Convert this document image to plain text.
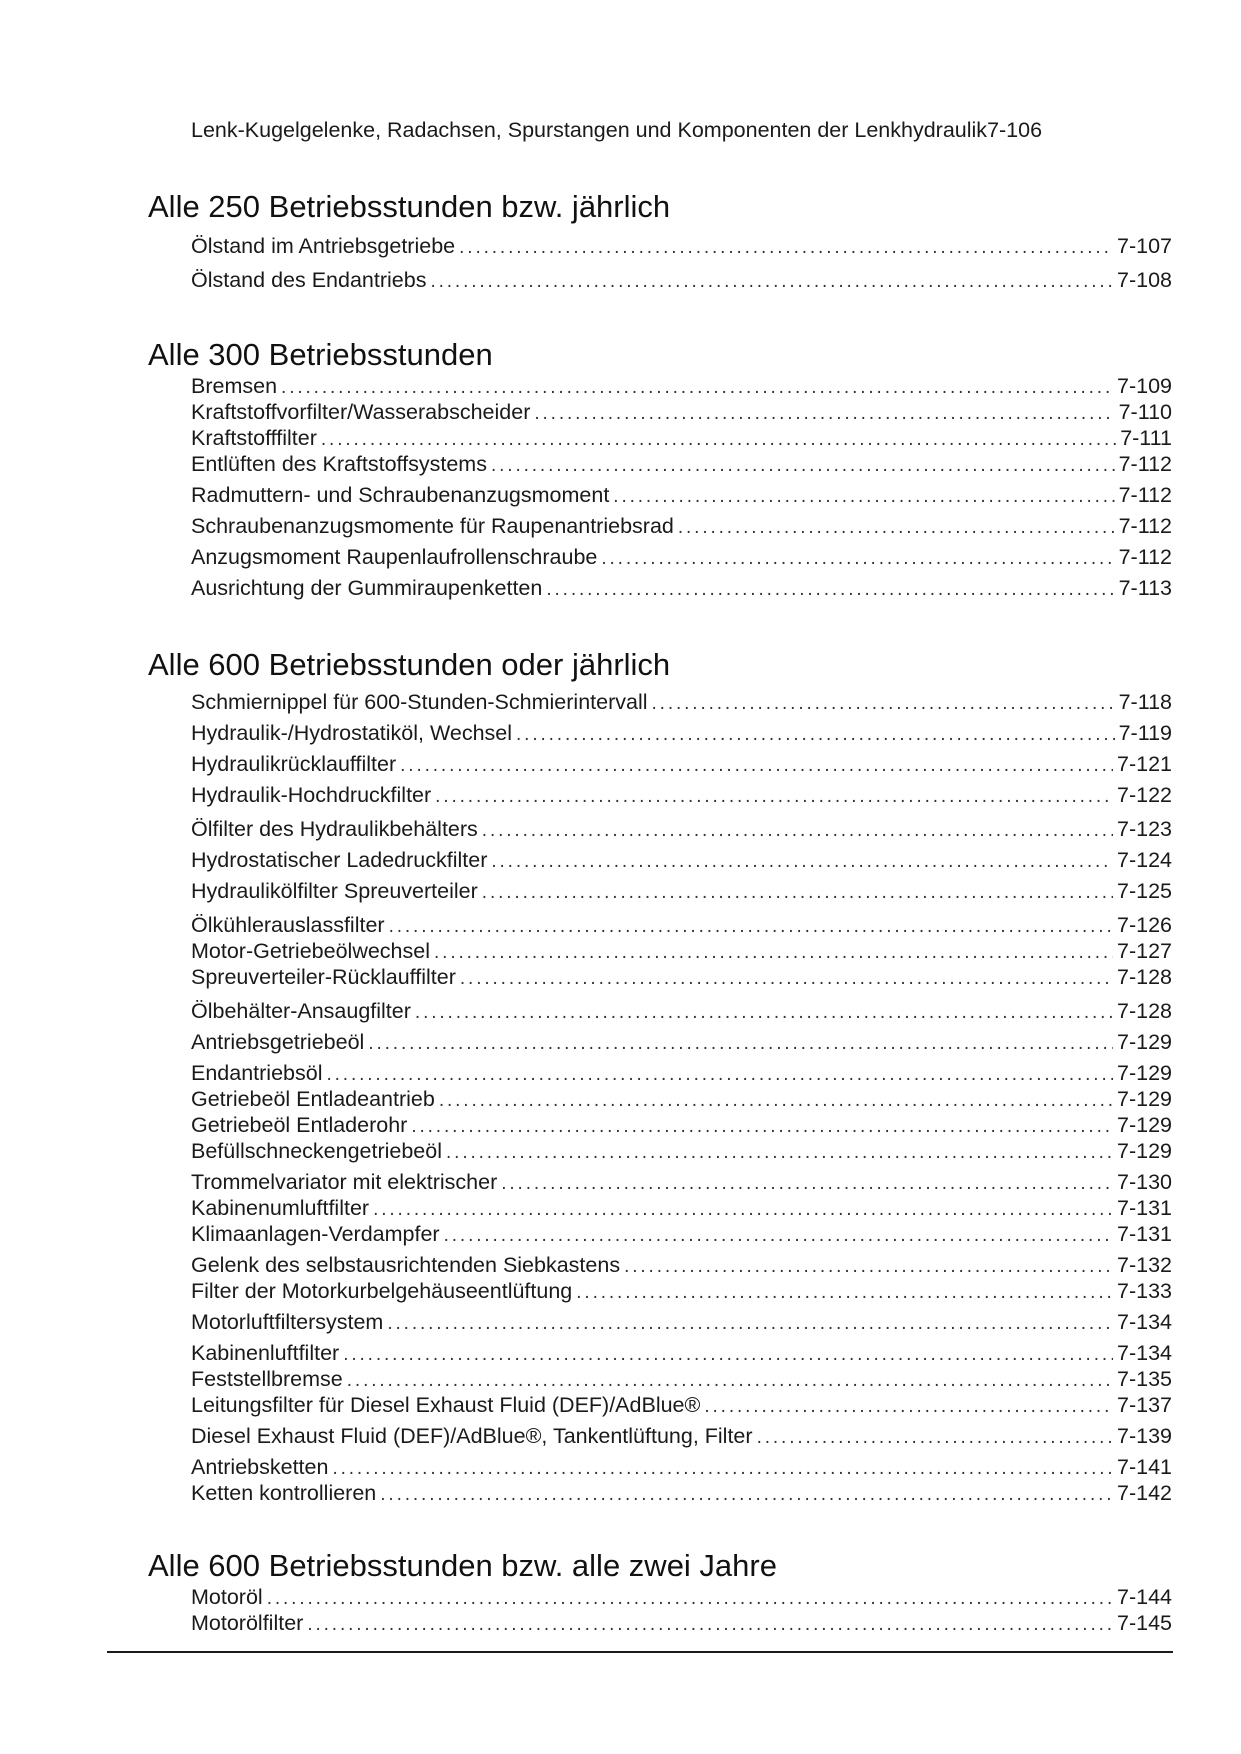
Lenk-Kugelgelenke, Radachsen, Spurstangen und Komponenten der Lenkhydraulik 7-106
Alle 250 Betriebsstunden bzw. jährlich
Ölstand im Antriebsgetriebe . . .	7-107
Ölstand des Endantriebs . . .	7-108
Alle 300 Betriebsstunden
Bremsen . . .	7-109
Kraftstoffvorfilter/Wasserabscheider . . .	7-110
Kraftstofffilter . . .	7-111
Entlüften des Kraftstoffsystems . . .	7-112
Radmuttern- und Schraubenanzugsmoment . . .	7-112
Schraubenanzugsmomente für Raupenantriebsrad . . .	7-112
Anzugsmoment Raupenlaufrollenschraube . . .	7-112
Ausrichtung der Gummiraupenketten . . .	7-113
Alle 600 Betriebsstunden oder jährlich
Schmiernippel für 600-Stunden-Schmierintervall . . .	7-118
Hydraulik-/Hydrostatiköl, Wechsel . . .	7-119
Hydraulikrücklauffilter . . .	7-121
Hydraulik-Hochdruckfilter . . .	7-122
Ölfilter des Hydraulikbehälters . . .	7-123
Hydrostatischer Ladedruckfilter . . .	7-124
Hydraulikölfilter Spreuverteiler . . .	7-125
Ölkühlerauslassfilter . . .	7-126
Motor-Getriebeölwechsel . . .	7-127
Spreuverteiler-Rücklauffilter . . .	7-128
Ölbehälter-Ansaugfilter . . .	7-128
Antriebsgetriebeöl . . .	7-129
Endantriebsöl . . .	7-129
Getriebeöl Entladeantrieb . . .	7-129
Getriebeöl Entladerohr . . .	7-129
Befüllschneckengetriebeöl . . .	7-129
Trommelvariator mit elektrischer . . .	7-130
Kabinenumluftfilter . . .	7-131
Klimaanlagen-Verdampfer . . .	7-131
Gelenk des selbstausrichtenden Siebkastens . . .	7-132
Filter der Motorkurbelgehäuseentlüftung . . .	7-133
Motorluftfiltersystem . . .	7-134
Kabinenluftfilter . . .	7-134
Feststellbremse . . .	7-135
Leitungsfilter für Diesel Exhaust Fluid (DEF)/AdBlue® . . .	7-137
Diesel Exhaust Fluid (DEF)/AdBlue®, Tankentlüftung, Filter . . .	7-139
Antriebsketten . . .	7-141
Ketten kontrollieren . . .	7-142
Alle 600 Betriebsstunden bzw. alle zwei Jahre
Motoröl . . .	7-144
Motorölfilter . . .	7-145
